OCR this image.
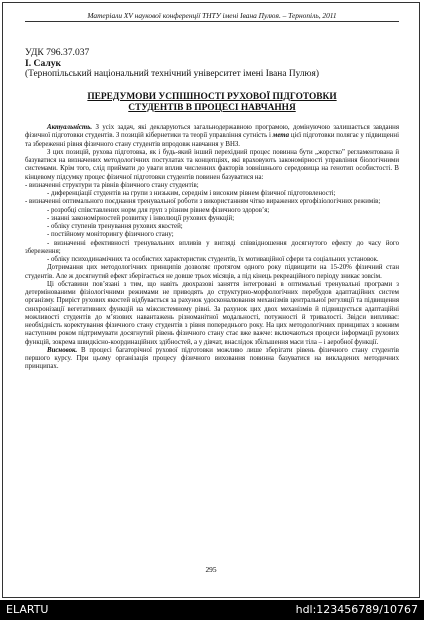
Матеріали XV наукової конференції ТНТУ імені Івана Пулюя. – Тернопіль, 2011
УДК 796.37.037
І. Салук
(Тернопільський національний технічний університет імені Івана Пулюя)
ПЕРЕДУМОВИ УСПІШНОСТІ РУХОВОЇ ПІДГОТОВКИ
СТУДЕНТІВ В ПРОЦЕСІ НАВЧАННЯ

Актуальність. З усіх задач, які декларуються загальнодержавною програмою, домінуючою залишається завдання фізичної підготовки студентів. З позицій кібернетики та теорії управління сутність і мета цієї підготовки полягає у підвищенні та збереженні рівня фізичного стану студентів впродовж навчання у ВНЗ.

З цих позицій, рухова підготовка, як і будь-який інший перехідний процес повинна бути „жорстко” регламентована й базуватися на визначених методологічних постулатах та концепціях, які враховують закономірності управління біологічними системами. Крім того, слід приймати до уваги вплив численних факторів зовнішнього середовища на генотип особистості. В кінцевому підсумку процес фізичної підготовки студентів повинен базуватися на:

- визначенні структури та рівнів фізичного стану студентів;

- диференціації студентів на групи з низьким, середнім і високим рівнем фізичної підготовленості;

- визначенні оптимального поєднання тренувальної роботи з використанням чітко виражених ергофізіологічних режимів;

- розробці співставлених норм для груп з різним рівнем фізичного здоров’я;

- знанні закономірностей розвитку і інволюції рухових функцій;

- обліку ступенів тренування рухових якостей;

- постійному моніторингу фізичного стану;

- визначенні ефективності тренувальних впливів у вигляді співвідношення досягнутого ефекту до часу його збереження;

- обліку психодинамічних та особистих характеристик студентів, їх мотиваційної сфери та соціальних установок.

Дотримання цих методологічних принципів дозволяє протягом одного року підвищити на 15-20% фізичний стан студентів. Але ж досягнутий ефект зберігається не довше трьох місяців, а під кінець рекреаційного періоду зникає зовсім.

Ці обставини пов’язані з тим, що навіть двохразові заняття інтегровані в оптимальні тренувальні програми з детермінованими фізіологічними режимами не приводять до структурно-морфологічних перебудов адаптаційних систем організму. Приріст рухових якостей відбувається за рахунок удосконалювання механізмів центральної регуляції та підвищення синхронізації вегетативних функцій на міжсистемному рівні. За рахунок цих двох механізмів й підвищується адаптаційні можливості студентів до м’язових навантажень різноманітної модальності, потужності й тривалості. Звідси випливає: необхідність коректування фізичного стану студентів з рівня попереднього року. На цих методологічних принципах з кожним наступним роком підтримувати досягнутий рівень фізичного стану стає вже важче: включаються процеси інформації рухових функцій, зокрема швидкісно-координаційних здібностей, а у дівчат, внаслідок збільшення маси тіла – і аеробної функції.

Висновок. В процесі багаторічної рухової підготовки можливо лише зберігати рівень фізичного стану студентів першого курсу. При цьому організація процесу фізичного виховання повинна базуватися на викладених методичних принципах.

295
ELARTU	hdl:123456789/10767
